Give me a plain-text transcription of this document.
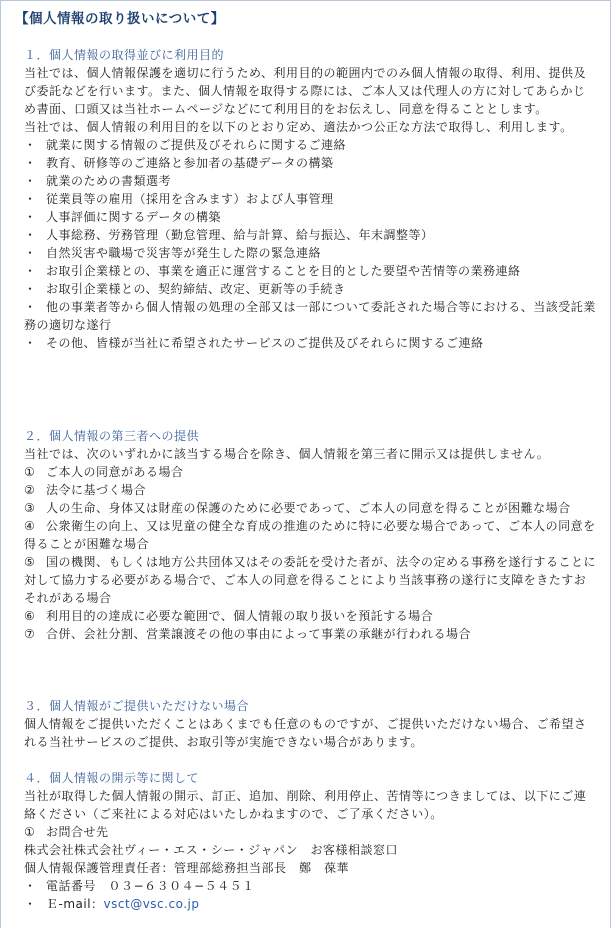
【個人情報の取り扱いについて】
１．個人情報の取得並びに利用目的
当社では、個人情報保護を適切に行うため、利用目的の範囲内でのみ個人情報の取得、利用、提供及び委託などを行います。また、個人情報を取得する際には、ご本人又は代理人の方に対してあらかじめ書面、口頭又は当社ホームページなどにて利用目的をお伝えし、同意を得ることとします。
当社では、個人情報の利用目的を以下のとおり定め、適法かつ公正な方法で取得し、利用します。
・ 就業に関する情報のご提供及びそれらに関するご連絡
・ 教育、研修等のご連絡と参加者の基礎データの構築
・ 就業のための書類選考
・ 従業員等の雇用（採用を含みます）および人事管理
・ 人事評価に関するデータの構築
・ 人事総務、労務管理（勤怠管理、給与計算、給与振込、年末調整等）
・ 自然災害や職場で災害等が発生した際の緊急連絡
・ お取引企業様との、事業を適正に運営することを目的とした要望や苦情等の業務連絡
・ お取引企業様との、契約締結、改定、更新等の手続き
・ 他の事業者等から個人情報の処理の全部又は一部について委託された場合等における、当該受託業務の適切な遂行
・ その他、皆様が当社に希望されたサービスのご提供及びそれらに関するご連絡
２．個人情報の第三者への提供
当社では、次のいずれかに該当する場合を除き、個人情報を第三者に開示又は提供しません。
① ご本人の同意がある場合
② 法令に基づく場合
③ 人の生命、身体又は財産の保護のために必要であって、ご本人の同意を得ることが困難な場合
④ 公衆衛生の向上、又は児童の健全な育成の推進のために特に必要な場合であって、ご本人の同意を得ることが困難な場合
⑤ 国の機関、もしくは地方公共団体又はその委託を受けた者が、法令の定める事務を遂行することに対して協力する必要がある場合で、ご本人の同意を得ることにより当該事務の遂行に支障をきたすおそれがある場合
⑥ 利用目的の達成に必要な範囲で、個人情報の取り扱いを預託する場合
⑦ 合併、会社分割、営業譲渡その他の事由によって事業の承継が行われる場合
３．個人情報がご提供いただけない場合
個人情報をご提供いただくことはあくまでも任意のものですが、ご提供いただけない場合、ご希望される当社サービスのご提供、お取引等が実施できない場合があります。
４．個人情報の開示等に関して
当社が取得した個人情報の開示、訂正、追加、削除、利用停止、苦情等につきましては、以下にご連絡ください（ご来社による対応はいたしかねますので、ご了承ください）。
① お問合せ先
株式会社株式会社ヴィー・エス・シー・ジャパン　お客様相談窓口
個人情報保護管理責任者：管理部総務担当部長　鄭　葆華
・ 電話番号　 ０３−６３０４−５４５１
・ Ｅ-mail：vsct@vsc.co.jp
